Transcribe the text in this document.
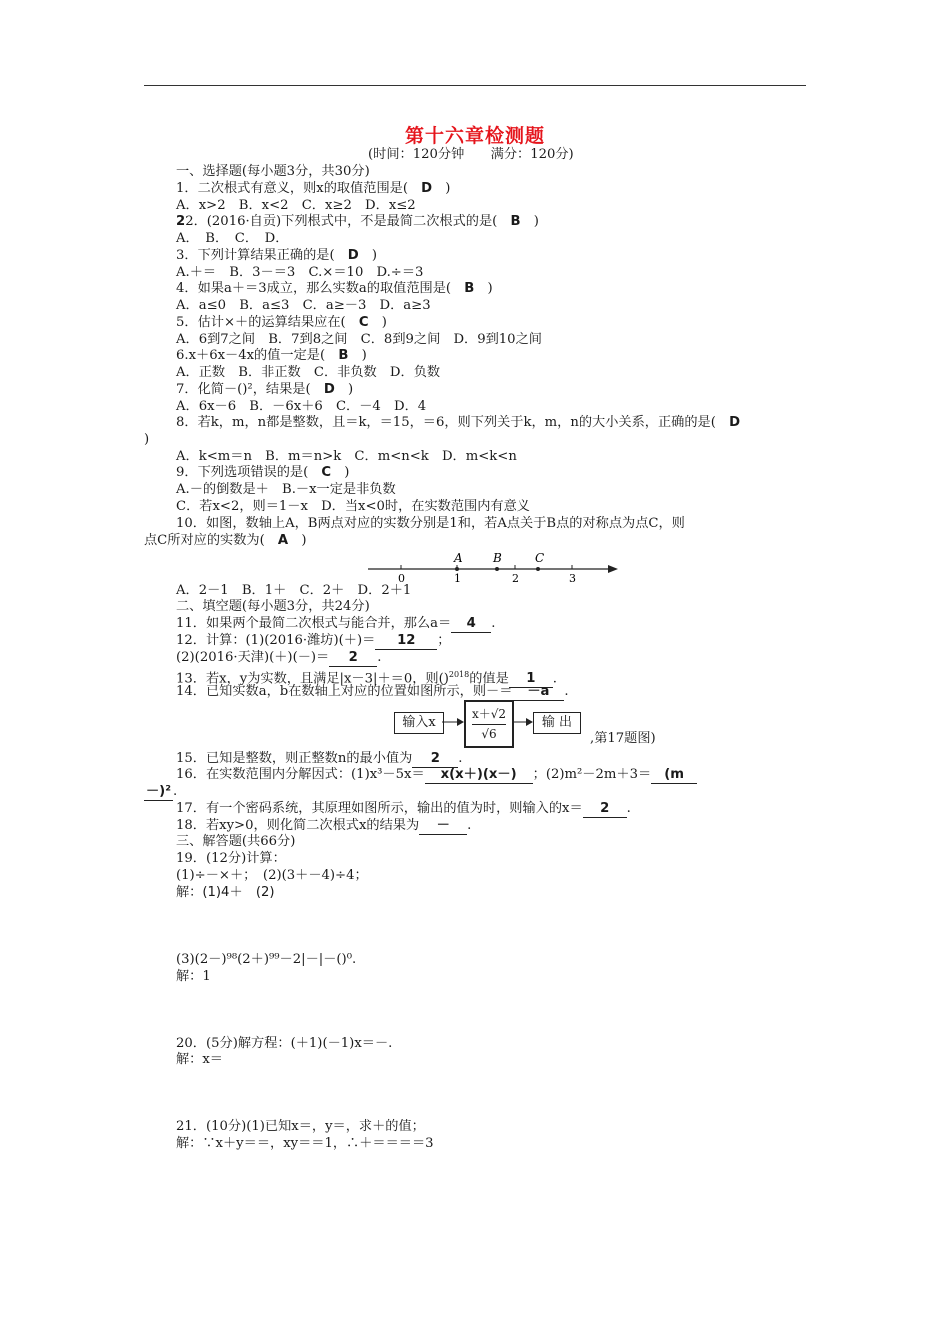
第十六章检测题
(时间：120分钟　　满分：120分)
一、选择题(每小题3分，共30分)
1．二次根式有意义，则x的取值范围是(　D　)
A．x>2　B．x<2　C．x≥2　D．x≤2
22．(2016·自贡)下列根式中，不是最简二次根式的是(　B　)
A．　B．　C．　D．
3．下列计算结果正确的是(　D　)
A.＋＝　B．3－＝3　C.×＝10　D.÷＝3
4．如果a＋＝3成立，那么实数a的取值范围是(　B　)
A．a≤0　B．a≤3　C．a≥－3　D．a≥3
5．估计×＋的运算结果应在(　C　)
A．6到7之间　B．7到8之间　C．8到9之间　D．9到10之间
6.x＋6x－4x的值一定是(　B　)
A．正数　B．非正数　C．非负数　D．负数
7．化简－()²，结果是(　D　)
A．6x－6　B．－6x＋6　C．－4　D．4
8．若k，m，n都是整数，且＝k，＝15，＝6，则下列关于k，m，n的大小关系，正确的是(　D
)
A．k<m＝n　B．m＝n>k　C．m<n<k　D．m<k<n
9．下列选项错误的是(　C　)
A.－的倒数是＋　B.－x一定是非负数
C．若x<2，则＝1－x　D．当x<0时，在实数范围内有意义
10．如图，数轴上A，B两点对应的实数分别是1和，若A点关于B点的对称点为点C，则
点C所对应的实数为(　A　)
A	B	C
0	1	2	3
A．2－1　B．1＋　C．2＋　D．2＋1
二、填空题(每小题3分，共24分)
11．如果两个最简二次根式与能合并，那么a＝ 4 .
12．计算：(1)(2016·潍坊)(＋)＝ 12 ；
(2)(2016·天津)(＋)(－)＝ 2 .
13．若x，y为实数，且满足|x－3|＋＝0，则()$^{2018}$的值是 1 .
14．已知实数a，b在数轴上对应的位置如图所示，则－＝ －a .
输入x
x＋√2
√6
输 出
,第17题图)
15．已知是整数，则正整数n的最小值为 2 .
16．在实数范围内分解因式：(1)x³－5x＝ x(x＋)(x－) ；(2)m²－2m＋3＝ (m
－)² .
17．有一个密码系统，其原理如图所示，输出的值为时，则输入的x＝ 2 .
18．若xy>0，则化简二次根式x的结果为 － .
三、解答题(共66分)
19．(12分)计算：
(1)÷－×＋；　(2)(3＋－4)÷4；
解：(1)4＋　(2)
(3)(2－)⁹⁸(2＋)⁹⁹－2|－|－()⁰.
解：1
20．(5分)解方程：(＋1)(－1)x＝－.
解：x＝
21．(10分)(1)已知x＝，y＝，求＋的值；
解：∵x＋y＝＝，xy＝＝1，∴＋＝＝＝＝3
